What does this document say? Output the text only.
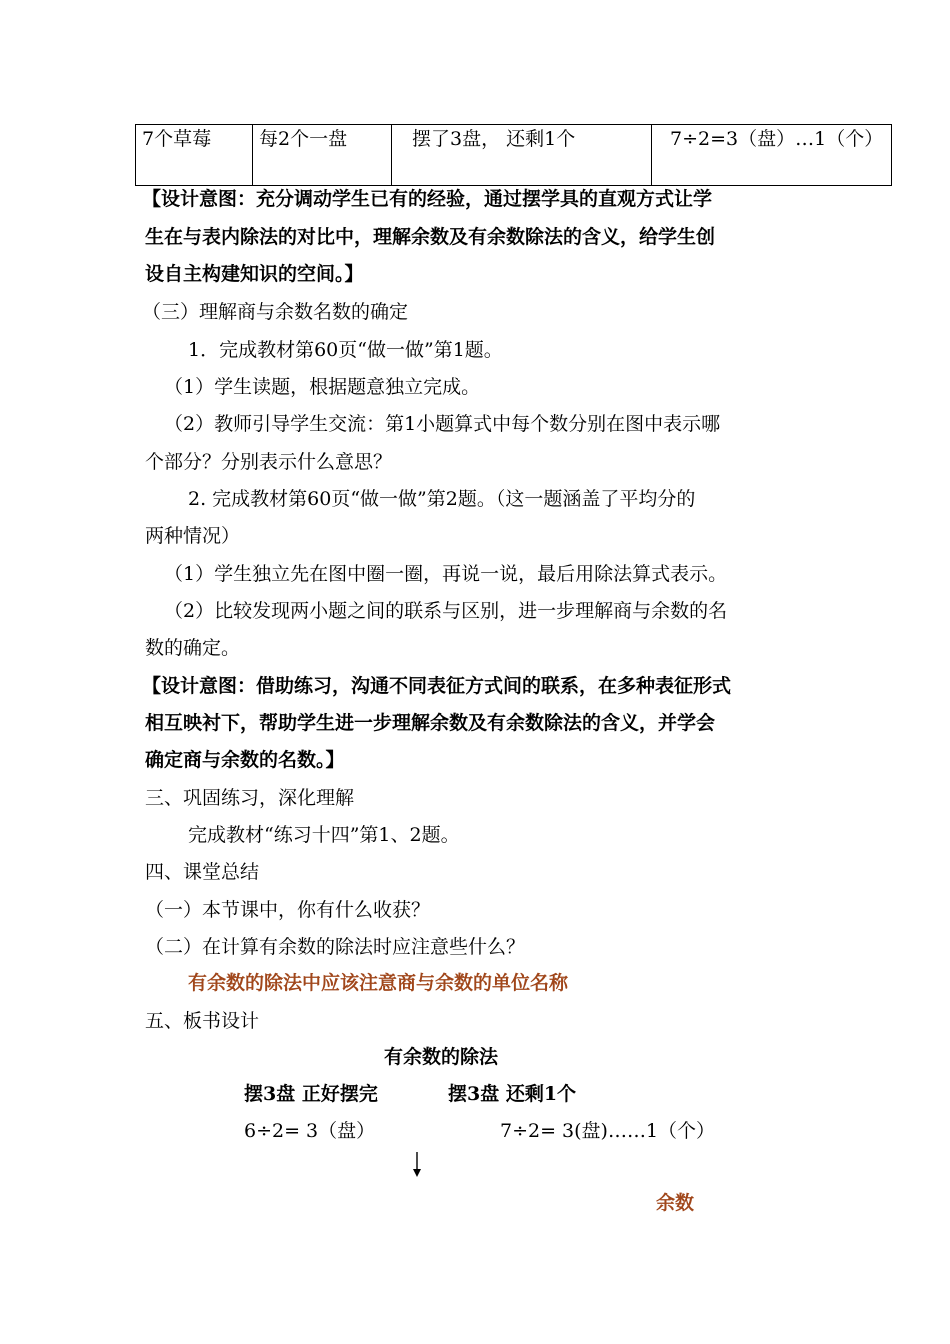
7个草莓	每2个一盘	摆了3盘， 还剩1个	7÷2=3（盘）…1（个）
【设计意图：充分调动学生已有的经验，通过摆学具的直观方式让学
生在与表内除法的对比中，理解余数及有余数除法的含义，给学生创
设自主构建知识的空间。】
（三）理解商与余数名数的确定
1．完成教材第60页“做一做”第1题。
（1）学生读题，根据题意独立完成。
（2）教师引导学生交流：第1小题算式中每个数分别在图中表示哪
个部分？分别表示什么意思？
2. 完成教材第60页“做一做”第2题。（这一题涵盖了平均分的
两种情况）
（1）学生独立先在图中圈一圈，再说一说，最后用除法算式表示。
（2）比较发现两小题之间的联系与区别，进一步理解商与余数的名
数的确定。
【设计意图：借助练习，沟通不同表征方式间的联系，在多种表征形式
相互映衬下，帮助学生进一步理解余数及有余数除法的含义，并学会
确定商与余数的名数。】
三、巩固练习，深化理解
完成教材“练习十四”第1、2题。
四、课堂总结
（一）本节课中，你有什么收获？
（二）在计算有余数的除法时应注意些什么？
有余数的除法中应该注意商与余数的单位名称
五、板书设计
有余数的除法
摆3盘 正好摆完	摆3盘 还剩1个
6÷2= 3（盘）	7÷2= 3(盘)……1（个）
余数
